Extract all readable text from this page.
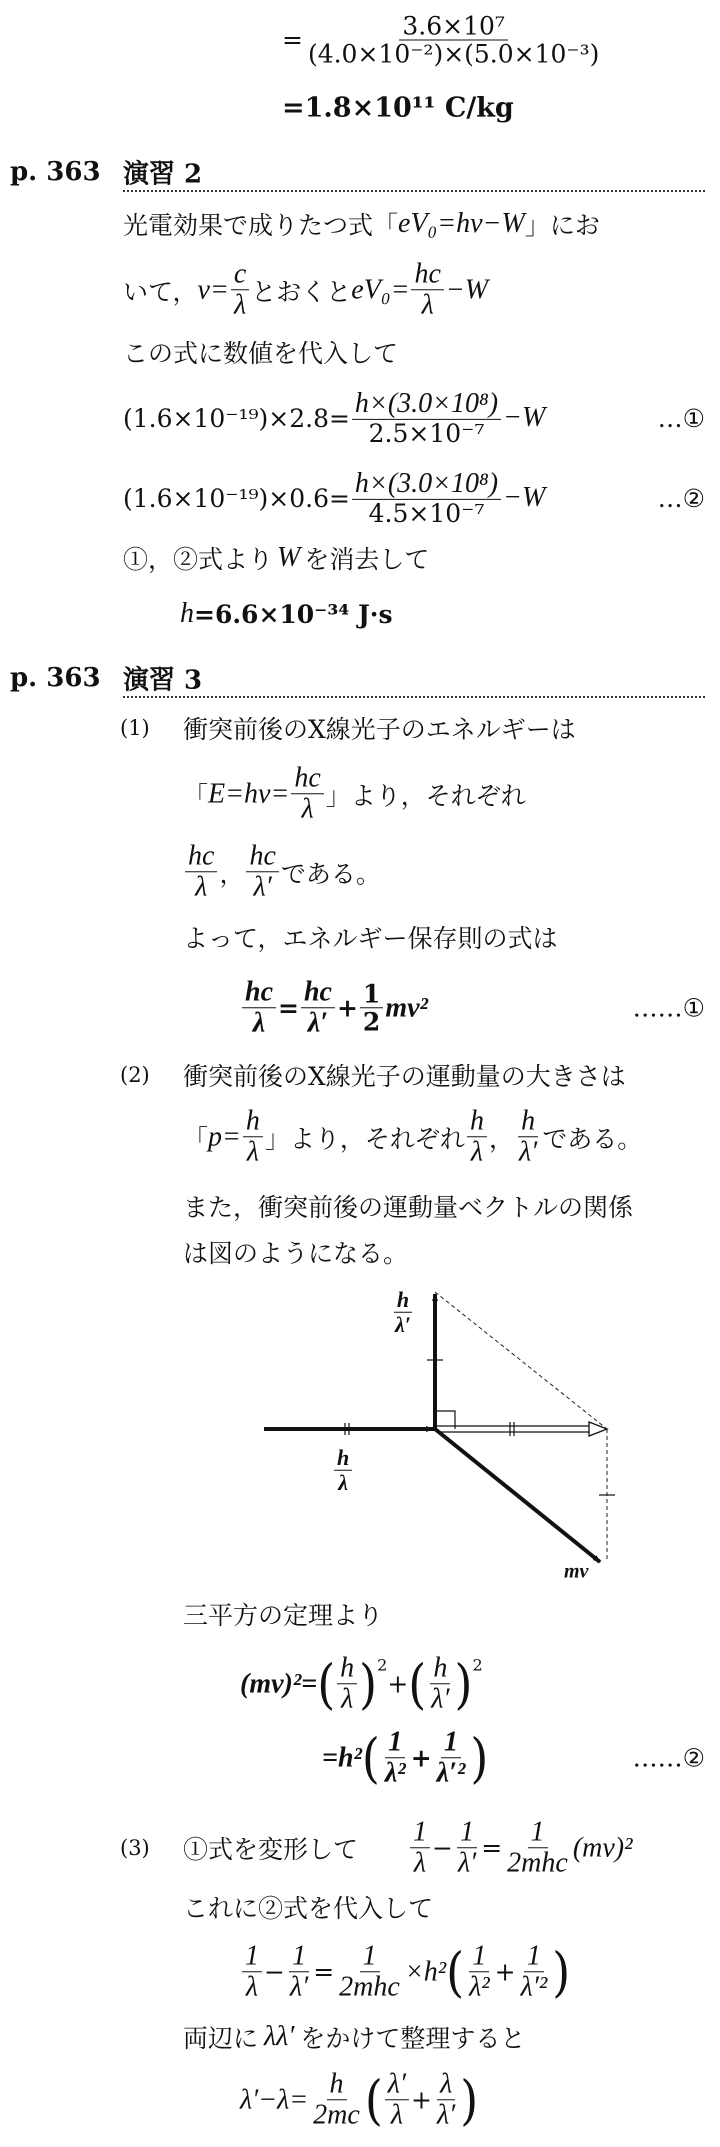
= $\frac{\text{3.6×10⁷}}{\text{(4.0×10⁻²)×(5.0×10⁻³)}}$
=1.8×10¹¹ C/kg
p. 363 演習 2
光電効果で成りたつ式「 eV₀=hν−W 」にお
いて， $\nu= \frac{c}{\lambda}$ とおくと $eV_0= \frac{hc}{\lambda} -W$
この式に数値を代入して
$(1.6\times 10^{-19})\times 2.8= \frac{\text{h×(3.0×10⁸)}}{\text{2.5×10⁻⁷}} -W$	…①
$(1.6\times 10^{-19})\times 0.6= \frac{\text{h×(3.0×10⁸)}}{\text{4.5×10⁻⁷}} -W$	…②
①，②式より W を消去して
h =6.6×10⁻³⁴ J·s
p. 363 演習 3
(1) 衝突前後のX線光子のエネルギーは
「 $E=h\nu= \frac{hc}{\lambda}$ 」より，それぞれ
$\frac{hc}{\lambda}$ ， $\frac{hc}{\lambda'}$ である。
よって，エネルギー保存則の式は
$\frac{hc}{\lambda} = \frac{hc}{\lambda'} + \frac{1}{2} mv^2$	……①
(2) 衝突前後のX線光子の運動量の大きさは
「 $p= \frac{h}{\lambda}$ 」より，それぞれ $\frac{h}{\lambda}$ ， $\frac{h}{\lambda'}$ である。
また，衝突前後の運動量ベクトルの関係
は図のようになる。
$\frac{h}{\lambda'}$
$\frac{h}{\lambda}$
mv
三平方の定理より
(mv)²= ( $\frac{h}{\lambda}$ ) 2
+ ( $\frac{h}{\lambda'}$ ) 2
=h² ( $\frac{1}{\text{λ²}} + \frac{1}{\text{λ′²}}$ )	……②
(3) ①式を変形して $\frac{1}{\lambda} - \frac{1}{\lambda'} = \frac{1}{\text{2mhc}} (mv)^2$
これに②式を代入して
$\frac{1}{\lambda} - \frac{1}{\lambda'} = \frac{1}{\text{2mhc}} \times h^2$ ( $\frac{1}{\text{λ²}} + \frac{1}{\text{λ′²}}$ )
両辺に λλ′ をかけて整理すると
$\lambda'-\lambda= \frac{h}{2mc}$ ( $\frac{\lambda'}{\lambda} + \frac{\lambda}{\lambda'}$ )
